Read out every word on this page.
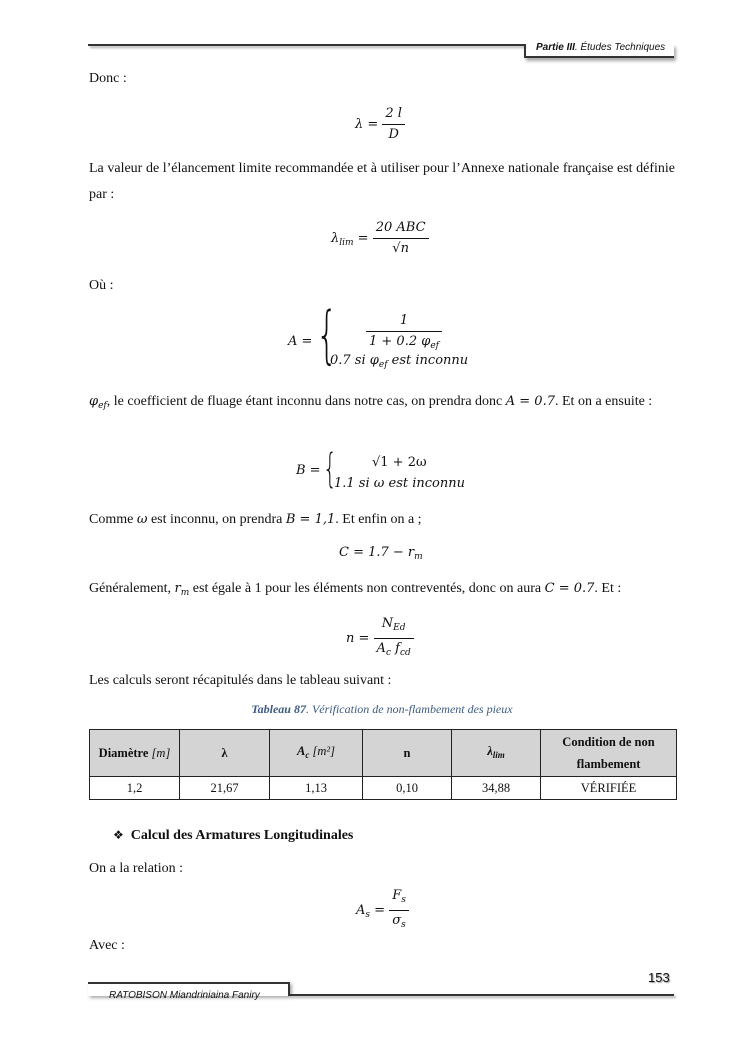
Partie III. Études Techniques
Donc :
$\lambda = \frac{2 l}{D}$
La valeur de l’élancement limite recommandée et à utiliser pour l’Annexe nationale française est définie par :
$\lambda_{lim} = \frac{\text{20 ABC}}{√n}$
Où :
A = { $\frac{1}{1 + 0.2 \varphi_{ef}}$
0.7 si $\varphi_{ef}$ est inconnu
$\varphi_{ef}$, le coefficient de fluage étant inconnu dans notre cas, on prendra donc A = 0.7. Et on a ensuite :
B = {	√1 + 2ω
1.1 si ω est inconnu
Comme ω est inconnu, on prendra B = 1,1. Et enfin on a ;
$C = 1.7 - r_m$
Généralement, $r_m$ est égale à 1 pour les éléments non contreventés, donc on aura C = 0.7. Et :
$n = \frac{N_{Ed}}{A_c f_{cd}}$
Les calculs seront récapitulés dans le tableau suivant :
Tableau 87. Vérification de non-flambement des pieux
Diamètre [m]	λ	$A_c$ [m²]	n	$\lambda_{lim}$	Condition de non
flambement
1,2	21,67	1,13	0,10	34,88	VÉRIFIÉE
❖ Calcul des Armatures Longitudinales
On a la relation :
$A_s = \frac{F_s}{\sigma_s}$
Avec :
153
RATOBISON Miandriniaina Faniry
